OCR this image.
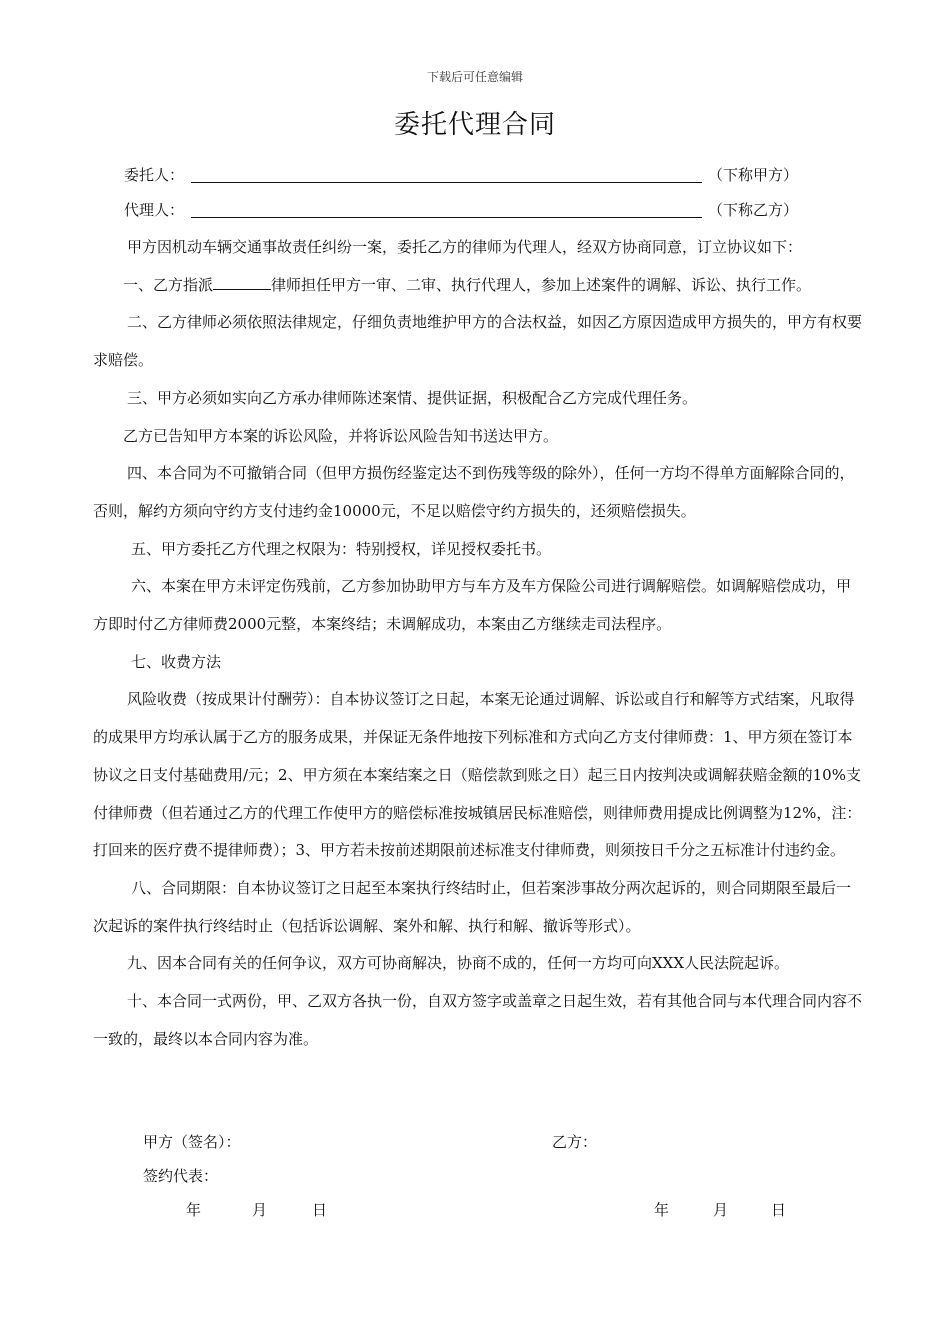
下载后可任意编辑
委托代理合同
委托人：	（下称甲方）
代理人：	（下称乙方）

甲方因机动车辆交通事故责任纠纷一案，委托乙方的律师为代理人，经双方协商同意，订立协议如下：

一、乙方指派	律师担任甲方一审、二审、执行代理人，参加上述案件的调解、诉讼、执行工作。

二、乙方律师必须依照法律规定，仔细负责地维护甲方的合法权益，如因乙方原因造成甲方损失的，甲方有权要求赔偿。

三、甲方必须如实向乙方承办律师陈述案情、提供证据，积极配合乙方完成代理任务。

乙方已告知甲方本案的诉讼风险，并将诉讼风险告知书送达甲方。

四、本合同为不可撤销合同（但甲方损伤经鉴定达不到伤残等级的除外），任何一方均不得单方面解除合同的，否则，解约方须向守约方支付违约金10000元，不足以赔偿守约方损失的，还须赔偿损失。

五、甲方委托乙方代理之权限为：特别授权，详见授权委托书。

六、本案在甲方未评定伤残前，乙方参加协助甲方与车方及车方保险公司进行调解赔偿。如调解赔偿成功，甲方即时付乙方律师费2000元整，本案终结；未调解成功，本案由乙方继续走司法程序。

七、收费方法

风险收费（按成果计付酬劳）：自本协议签订之日起，本案无论通过调解、诉讼或自行和解等方式结案，凡取得的成果甲方均承认属于乙方的服务成果，并保证无条件地按下列标准和方式向乙方支付律师费：1、甲方须在签订本协议之日支付基础费用/元；2、甲方须在本案结案之日（赔偿款到账之日）起三日内按判决或调解获赔金额的10%支付律师费（但若通过乙方的代理工作使甲方的赔偿标准按城镇居民标准赔偿，则律师费用提成比例调整为12%，注：打回来的医疗费不提律师费）；3、甲方若未按前述期限前述标准支付律师费，则须按日千分之五标准计付违约金。

八、合同期限：自本协议签订之日起至本案执行终结时止，但若案涉事故分两次起诉的，则合同期限至最后一次起诉的案件执行终结时止（包括诉讼调解、案外和解、执行和解、撤诉等形式）。

九、因本合同有关的任何争议，双方可协商解决，协商不成的，任何一方均可向XXX人民法院起诉。

十、本合同一式两份，甲、乙双方各执一份，自双方签字或盖章之日起生效，若有其他合同与本代理合同内容不一致的，最终以本合同内容为准。

甲方（签名）：	乙方：
签约代表：
年	月	日	年	月	日
